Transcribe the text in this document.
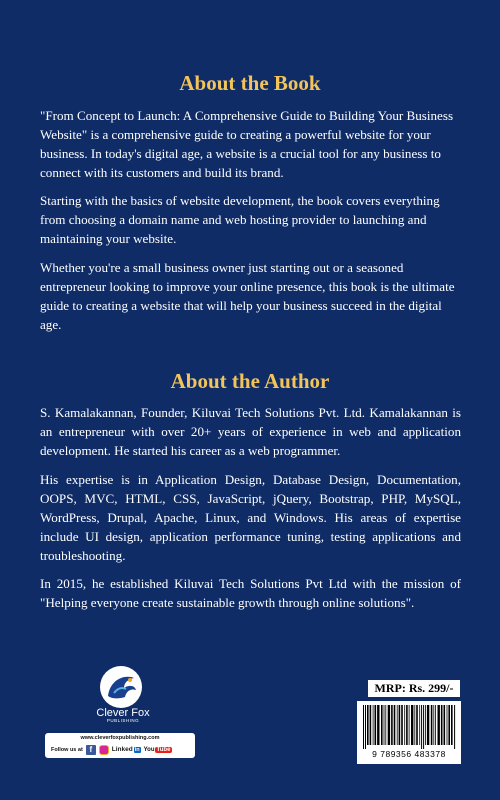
About the Book
"From Concept to Launch: A Comprehensive Guide to Building Your Business Website" is a comprehensive guide to creating a powerful website for your business. In today's digital age, a website is a crucial tool for any business to connect with its customers and build its brand.
Starting with the basics of website development, the book covers everything from choosing a domain name and web hosting provider to launching and maintaining your website.
Whether you're a small business owner just starting out or a seasoned entrepreneur looking to improve your online presence, this book is the ultimate guide to creating a website that will help your business succeed in the digital age.
About the Author
S. Kamalakannan, Founder, Kiluvai Tech Solutions Pvt. Ltd. Kamalakannan is an entrepreneur with over 20+ years of experience in web and application development. He started his career as a web programmer.
His expertise is in Application Design, Database Design, Documentation, OOPS, MVC, HTML, CSS, JavaScript, jQuery, Bootstrap, PHP, MySQL, WordPress, Drupal, Apache, Linux, and Windows. His areas of expertise include UI design, application performance tuning, testing applications and troubleshooting.
In 2015, he established Kiluvai Tech Solutions Pvt Ltd with the mission of "Helping everyone create sustainable growth through online solutions".
Clever Fox
PUBLISHING
www.cleverfoxpublishing.com
Follow us at f	Linked in You Tube
MRP: Rs. 299/-
9 789356 483378
